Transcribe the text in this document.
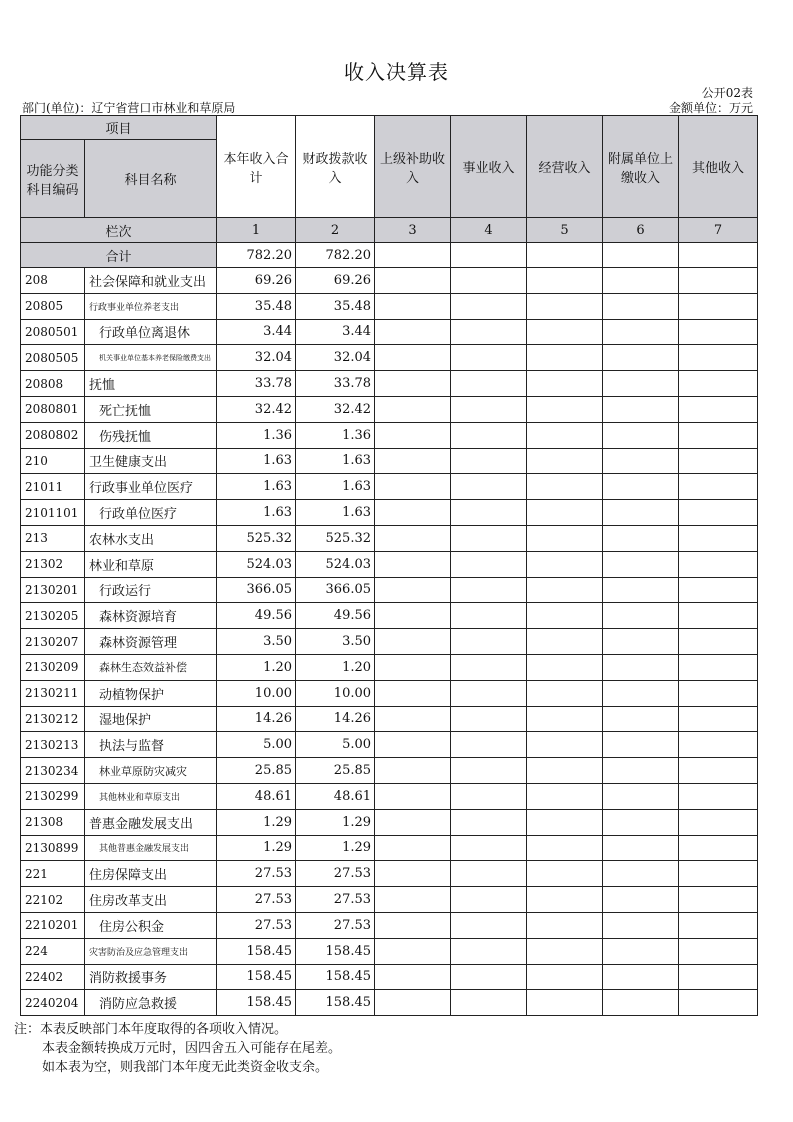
收入决算表
公开02表
部门(单位)：辽宁省营口市林业和草原局	金额单位：万元
项目		本年收入合计	财政拨款收入	上级补助收入	事业收入	经营收入	附属单位上缴收入	其他收入
功能分类科目编码	科目名称							
栏次		1	2	3	4	5	6	7
合计		782.20	782.20					
208	社会保障和就业支出	69.26	69.26					
20805	行政事业单位养老支出	35.48	35.48					
2080501	行政单位离退休	3.44	3.44					
2080505	机关事业单位基本养老保险缴费支出	32.04	32.04					
20808	抚恤	33.78	33.78					
2080801	死亡抚恤	32.42	32.42					
2080802	伤残抚恤	1.36	1.36					
210	卫生健康支出	1.63	1.63					
21011	行政事业单位医疗	1.63	1.63					
2101101	行政单位医疗	1.63	1.63					
213	农林水支出	525.32	525.32					
21302	林业和草原	524.03	524.03					
2130201	行政运行	366.05	366.05					
2130205	森林资源培育	49.56	49.56					
2130207	森林资源管理	3.50	3.50					
2130209	森林生态效益补偿	1.20	1.20					
2130211	动植物保护	10.00	10.00					
2130212	湿地保护	14.26	14.26					
2130213	执法与监督	5.00	5.00					
2130234	林业草原防灾减灾	25.85	25.85					
2130299	其他林业和草原支出	48.61	48.61					
21308	普惠金融发展支出	1.29	1.29					
2130899	其他普惠金融发展支出	1.29	1.29					
221	住房保障支出	27.53	27.53					
22102	住房改革支出	27.53	27.53					
2210201	住房公积金	27.53	27.53					
224	灾害防治及应急管理支出	158.45	158.45					
22402	消防救援事务	158.45	158.45					
2240204	消防应急救援	158.45	158.45					
注：本表反映部门本年度取得的各项收入情况。
本表金额转换成万元时，因四舍五入可能存在尾差。
如本表为空，则我部门本年度无此类资金收支余。
